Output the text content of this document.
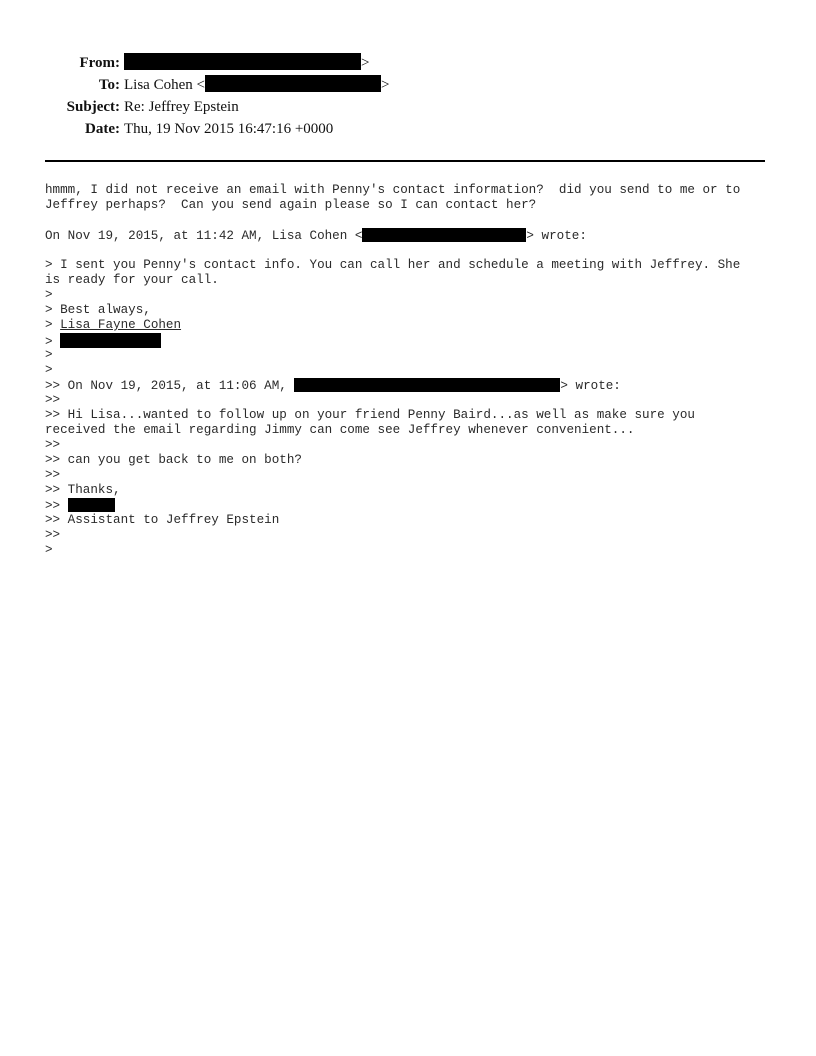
From:	>
To: Lisa Cohen <	>
Subject: Re: Jeffrey Epstein
Date: Thu, 19 Nov 2015 16:47:16 +0000
hmmm, I did not receive an email with Penny's contact information?  did you send to me or to
Jeffrey perhaps?  Can you send again please so I can contact her?
On Nov 19, 2015, at 11:42 AM, Lisa Cohen <	> wrote:
> I sent you Penny's contact info. You can call her and schedule a meeting with Jeffrey. She
is ready for your call.
>
> Best always,
> Lisa Fayne Cohen
>
>
>
>> On Nov 19, 2015, at 11:06 AM,	> wrote:
>>
>> Hi Lisa...wanted to follow up on your friend Penny Baird...as well as make sure you
received the email regarding Jimmy can come see Jeffrey whenever convenient...
>>
>> can you get back to me on both?
>>
>> Thanks,
>>
>> Assistant to Jeffrey Epstein
>>
>
